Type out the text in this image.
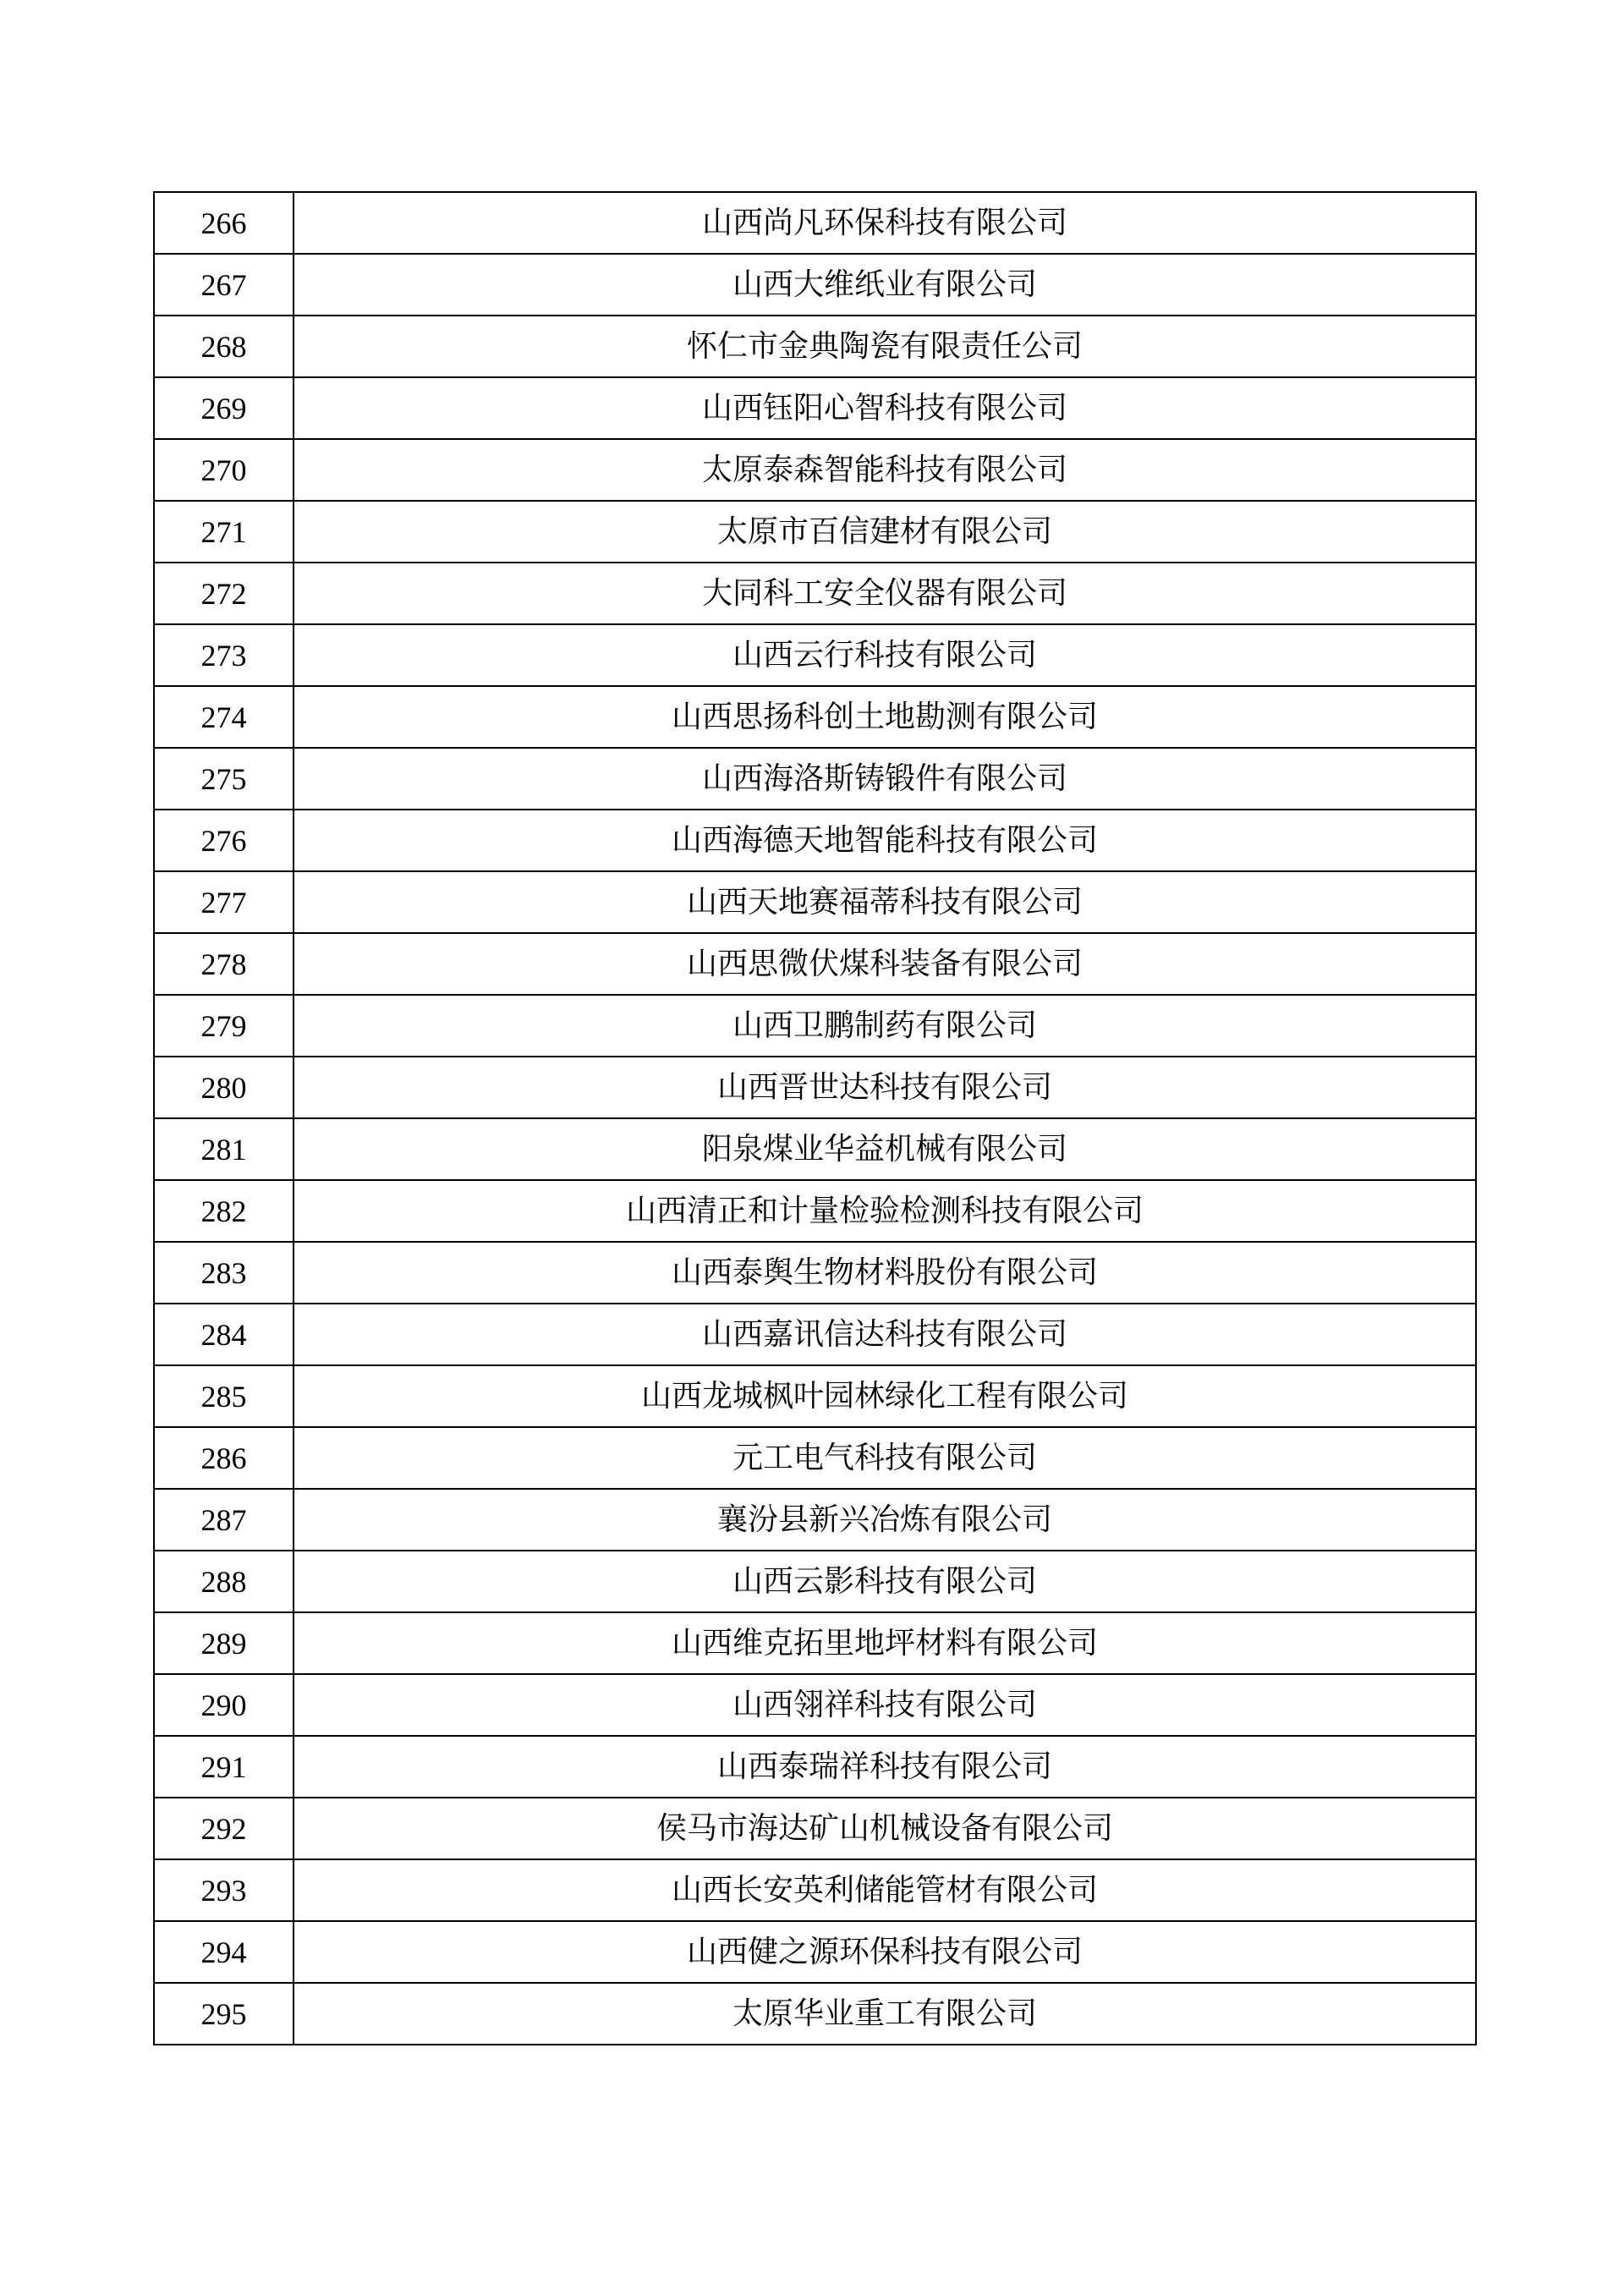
266	山西尚凡环保科技有限公司
267	山西大维纸业有限公司
268	怀仁市金典陶瓷有限责任公司
269	山西钰阳心智科技有限公司
270	太原泰森智能科技有限公司
271	太原市百信建材有限公司
272	大同科工安全仪器有限公司
273	山西云行科技有限公司
274	山西思扬科创土地勘测有限公司
275	山西海洛斯铸锻件有限公司
276	山西海德天地智能科技有限公司
277	山西天地赛福蒂科技有限公司
278	山西思微伏煤科装备有限公司
279	山西卫鹏制药有限公司
280	山西晋世达科技有限公司
281	阳泉煤业华益机械有限公司
282	山西清正和计量检验检测科技有限公司
283	山西泰舆生物材料股份有限公司
284	山西嘉讯信达科技有限公司
285	山西龙城枫叶园林绿化工程有限公司
286	元工电气科技有限公司
287	襄汾县新兴冶炼有限公司
288	山西云影科技有限公司
289	山西维克拓里地坪材料有限公司
290	山西翎祥科技有限公司
291	山西泰瑞祥科技有限公司
292	侯马市海达矿山机械设备有限公司
293	山西长安英利储能管材有限公司
294	山西健之源环保科技有限公司
295	太原华业重工有限公司
